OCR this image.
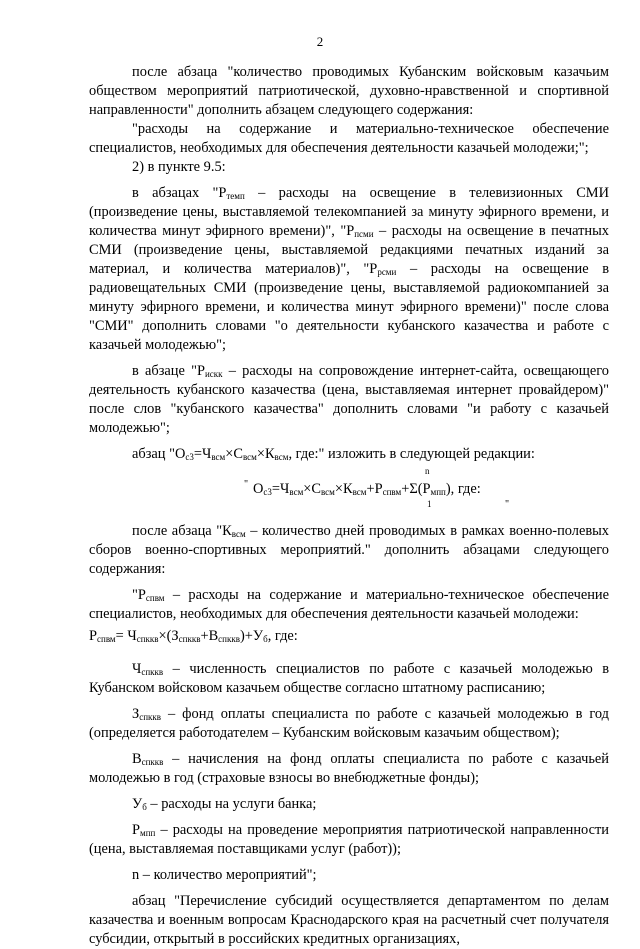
2

после абзаца "количество проводимых Кубанским войсковым казачьим обществом мероприятий патриотической, духовно-нравственной и спортивной направленности" дополнить абзацем следующего содержания:

"расходы на содержание и материально-техническое обеспечение специалистов, необходимых для обеспечения деятельности казачьей молодежи;";

2) в пункте 9.5:

в абзацах "$Р_{темп}$ – расходы на освещение в телевизионных СМИ (произведение цены, выставляемой телекомпанией за минуту эфирного времени, и количества минут эфирного времени)", "$Р_{псми}$ – расходы на освещение в печатных СМИ (произведение цены, выставляемой редакциями печатных изданий за материал, и количества материалов)", "$Р_{рсми}$ – расходы на освещение в радиовещательных СМИ (произведение цены, выставляемой радиокомпанией за минуту эфирного времени, и количества минут эфирного времени)" после слова "СМИ" дополнить словами "о деятельности кубанского казачества и работе с казачьей молодежью";

в абзаце "$Р_{искк}$ – расходы на сопровождение интернет-сайта, освещающего деятельность кубанского казачества (цена, выставляемая интернет провайдером)" после слов "кубанского казачества" дополнить словами "и работу с казачьей молодежью";

абзац "$О_{с3}=Ч_{всм}\times С_{всм}\times К_{всм}$, где:" изложить в следующей редакции:

n
" $О_{с3}=Ч_{всм}\times С_{всм}\times К_{всм}+Р_{спвм}+\Sigma(Р_{мпп})$, где:
1	"

после абзаца "$К_{всм}$ – количество дней проводимых в рамках военно-полевых сборов военно-спортивных мероприятий." дополнить абзацами следующего содержания:

"$Р_{спвм}$ – расходы на содержание и материально-техническое обеспечение специалистов, необходимых для обеспечения деятельности казачьей молодежи:

$Р_{спвм}= Ч_{спккв}\times(З_{спккв}+В_{спккв})+У_б$, где:

$Ч_{спккв}$ – численность специалистов по работе с казачьей молодежью в Кубанском войсковом казачьем обществе согласно штатному расписанию;

$З_{спккв}$ – фонд оплаты специалиста по работе с казачьей молодежью в год (определяется работодателем – Кубанским войсковым казачьим обществом);

$В_{спккв}$ – начисления на фонд оплаты специалиста по работе с казачьей молодежью в год (страховые взносы во внебюджетные фонды);

$У_б$ – расходы на услуги банка;

$Р_{мпп}$ – расходы на проведение мероприятия патриотической направленности (цена, выставляемая поставщиками услуг (работ));

n – количество мероприятий";

абзац "Перечисление субсидий осуществляется департаментом по делам казачества и военным вопросам Краснодарского края на расчетный счет получателя субсидии, открытый в российских кредитных организациях,
